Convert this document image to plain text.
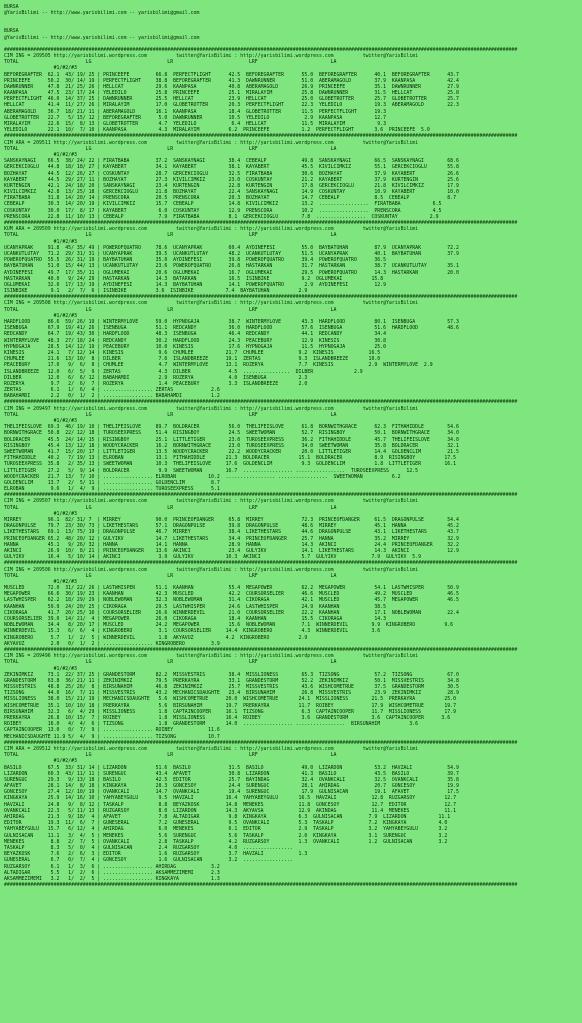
BURSA
@YarisBilimi -- http://www.yarisbilimi.com -- yarisbilimi@gmail.com
BURSA
@YarisBilimi -- http://www.yarisbilimi.com -- yarisbilimi@gmail.com
################################################################################################################################################################################
CIM ING = 209505 http://yarisbilimi.wordpress.com          twitter@YarisBilimi : http://yarisbilimi.wordpress.com          twitter@YarisBilimi
TOTAL                       LG                          LR                          LRF                         LA
#1/#2/#3
BEFOREGRAFTER  62.1  43/ 19/ 25 | PRINCEEFE         66.8  PERFECTFLIGHT      42.5  BEFOREGRAFTER      55.0  BEFOREGRAFTER      40.1  BEFOREGRAFTER      43.7
PRINCEEFE      50.2  30/ 14/ 19 | PERFECTFLIGHT     38.8  BEFOREGRAFTER      41.3  DAWNRUNNER         51.0  ABERAMAGOLD        37.9  KAANPASA           42.4
DAWNRUNNER     47.8  21/ 25/ 26 | HELLCAT           29.6  KAANPASA           40.8  ABERAMAGOLD        26.9  PRINCEEFE          35.1  DAWNRUNNER         27.9
KAANPASA       47.5  23/ 17/ 24 | YELEDILO          25.8  PRINCEEFE          25.1  MIRALAYIM          25.8  DAWNRUNNER         31.5  HELLCAT            25.8
PERFECTFLIGHT  46.0  14/ 37/ 25 | DAWNRUNNER        25.5  HELLCAT            23.9  HELLCAT            25.0  GLOBETROTTER       25.7  GLOBETROTTER       25.7
HELLCAT        41.4  11/ 27/ 26 | MIRALAYIM         17.0  GLOBETROTTER       20.3  PERFECTFLIGHT      22.3  YELEDILO           19.3  ABERAMAGOLD        22.3
ABERAMAGOLD    36.7  18/ 21/ 11 | ABERAMAGOLD       16.1  KAANPASA           18.4  GLOBETROTTER       11.5  PERFECTFLIGHT      19.3
GLOBETROTTER   22.7   5/ 15/ 12 | BEFOREGRAFTER      5.0  DAWNRUNNER         10.5  YELEDILO            2.9  KAANPASA           12.7
MIRALAYIM      22.6  15/  8/ 13 | GLOBETROTTER       4.7  YELEDILO            6.4  HELLCAT            11.5  MIRALAYIM           9.3
YELEDILO       22.1  10/  7/ 10 | KAANPASA           4.3  MIRALAYIM          6.2  PRINCEEFE           1.2  PERFECTFLIGHT       3.6  PRINCEEFE  5.0
################################################################################################################################################################################
CIM ARA = 209511 http://yarisbilimi.wordpress.com          twitter@YarisBilimi : http://yarisbilimi.wordpress.com          twitter@YarisBilimi
TOTAL                       LG                          LR                          LRF                         LA
#1/#2/#3
SANSKAYNAGI    66.5  38/ 24/ 22 | FIRATBABA         37.2  SANSKAYNAGI        38.4  CEBEALP            49.8  SANSKAYNAGI        66.5  SANSKAYNAGI        68.6
GERCEKCIOGLU   44.8  18/ 18/ 27 | KAYABERT          34.1  KAYABERT           38.1  KAYABERT           45.5  KIVILCIMKIZ        55.1  GERCEKCIOGLU       55.8
BOZHAYAT       44.5  12/ 26/ 27 | COSKUNTAY         28.7  GERCEKCIOGLU       32.5  FIRATBABA          30.6  BOZHAYAT           37.9  KAYABERT           26.6
KAYABERT       44.5  29/ 27/ 11 | BOZHAYAT          27.3  KIVILCIMKIZ        23.0  COSKUNTAY          21.2  KAYABERT           37.9  KURTENGIN          25.6
KURTENGIN      42.1  24/ 18/ 20 | SANSKAYNAGI       23.4  KURTENGIN          22.8  KURTENGIN          17.8  GERCEKCIOGLU       21.8  KIVILCIMKIZ        17.9
KIVILCIMKIZ    42.8  13/ 25/ 18 | GERCEKCIOGLU      21.8  BOZHAYAT           22.4  SANSKAYNAGI        14.9  COSKUNTAY          10.9  KAYABERT           10.0
FIRATBABA      31.8  14/ 20/ 14 | PRENSCORA         20.5  PRENSCORA          20.3  BOZHAYAT           14.7  CEBEALP            8.5  CEBEALP             8.7
CEBEALP        30.3  14/ 20/ 19 | KIVILCIMKIZ       15.7  CEBEALP            14.8  KIVILCIMKIZ        13.2  .................  FIRATBABA           6.5
COSKUNTAY      30.0  17/  8/ 17 | KAYABERT           6.0  COSKUNTAY          12.9  PRENSCORA          10.2  .................  PRENSCORA           4.5
PRENSCORA      22.8  11/ 10/ 13 | CEBEALP            7.9  FIRATBABA          8.1  GERCEKCIOGLU        7.8  .................  COSKUNTAY           2.9
################################################################################################################################################################################
KUM ARA = 209509 http://yarisbilimi.wordpress.com          twitter@YarisBilimi : http://yarisbilimi.wordpress.com          twitter@YarisBilimi
TOTAL                       LG                          LR                          LRF                         LA
#1/#2/#3
UCANYAPRAK     91.8  45/ 35/ 49 | POWEROFQUATRO     78.6  UCANYAPRAK         60.4  AYDINEFESI         55.0  BAYBATUHAN         87.9  UCANYAPRAK         72.2
UCANKUTLUTAY   71.2  29/ 31/ 31 | UCANYAPRAK        39.5  UCANKUTLUTAY       48.2  UCANKUTLUTAY       51.5  UCANYAPRAK         40.1  BAYBATUHAN         37.9
POWEROFQUATRO  55.5  26/ 31/ 19 | BAYBATUHAN        35.0  AYDINEFESI         39.8  POWEROFQUATRO      39.4  POWEROFQUATRO      36.5
BAYBATUHAN     51.0  15/ 44/ 13 | UCANKUTLUTAY      23.6  POWEROFQUATRO      26.8  HASTARKAN          31.7  HASTARKAN          38.7  UCANKUTLUTAY       35.1
AYDINEFESI     49.7  17/ 35/ 11 | OGLUMEKAI         20.6  OGLUMEKAI          16.7  OGLUMEKAI          29.5  POWEROFQUATRO      14.3  HASTARKAN          20.0
HASTARKAN      40.0   9/ 24/ 29 | HASTARKAN         14.3  BATARKAN           16.5  ISINBIKE           9.2  OGLUMEKAI          15.8
OGLUMEKAI      32.6  17/ 13/ 19 | AYDINEFESI        14.3  BAYBATUHAN         14.1  POWEROFQUATRO       2.9  AYDINEFESI         12.9
ISINBIKE        9.1   2/  7/  6 | ISINBIKE          3.6  ISINBIKE           7.4  BAYBATUHAN          2.9
################################################################################################################################################################################
CIM ING = 209508 http://yarisbilimi.wordpress.com          twitter@YarisBilimi : http://yarisbilimi.wordpress.com          twitter@YarisBilimi
TOTAL                       LG                          LR                          LRF                         LA
#1/#2/#3
HARDFLOOD      86.6  59/ 26/ 19 | WINTERMYLOVE      59.0  HYPNOGAJA          38.7  WINTERMYLOVE       43.3  HARDFLOOD          80.1  ISENBUGA           57.3
ISENBUGA       67.9  19/ 41/ 26 | ISENBUGA          51.1  REDCANDY           36.0  HARDFLOOD          57.6  ISENBUGA           51.6  HARDFLOOD          48.6
REDCANDY       64.7  19/ 43/ 30 | HARDFLOOD         48.3  ISENBUGA           46.4  REDCANDY           44.1  REDCANDY           34.4
WINTERMYLOVE   48.3  27/ 18/ 24 | REDCANDY          30.2  HARDFLOOD          24.3  PEACEBURY          12.9  KINESIS            30.8
HYPNOGAJA      28.5  14/ 12/ 19 | PEACEBURY         10.0  KINESIS            17.6  HYPNOGAJA          11.5  HYPNOGAJA          25.0
KINESIS        24.1   7/ 12/ 14 | KINESIS            9.6  CHUMLEE           21.7  CHUMLEE            9.2  KINESIS            16.5
CHUMLEE        21.6  13/ 10/  8 | DILBER             7.6  ISLANDBREEZE      19.1  ZERTAS             9.3  ISLANDBREEZE       10.0
PEACEBURY      17.0   9/  6/  8 | CHUMLEE            4.7  WINTERMYLOVE      13.1  ROZERYA            7.7  KINESIS            2.9  WINTERMYLOVE  2.9
ISLANDBREEZE   12.0   6/  5/  9 | ZERTAS             4.3  DILBER             4.5  ................  DILBER              2.9
DILBER         12.0   6/  6/ 12 | BABAHAMDI          2.9  ROZERYA            4.0  ISENBUGA           2.3
ROZERYA         9.7   2/  6/  7 | ROZERYA            1.4  PEACEBURY          3.3  ISLANDBREEZE       2.0
ZERTAS          6.1   1/  6/  4 | ................. ZERTAS             2.6
BABAHAMDI       2.2   0/  1/  2 | ................. BABAHAMDI          1.2
################################################################################################################################################################################
CIM ING = 209497 http://yarisbilimi.wordpress.com          twitter@YarisBilimi : http://yarisbilimi.wordpress.com          twitter@YarisBilimi
TOTAL                       LG                          LR                          LRF                         LA
#1/#2/#3
THELIFEISLOVE  69.3  46/ 19/ 10 | THELIFEISLOVE     89.7  BOLDRACER          56.0  THELIFEISLOVE      61.8  BORNWITHGRACE      62.3  FITHAHIDDLE        54.6
BORNWITHGRACE  50.8  22/ 12/ 18 | TUROSEEXPRESS     51.4  RISINGBOY          24.5  SWEETWOMAN         52.7  RISINGBOY          50.1  BORNWITHGRACE      34.0
BOLDRACER      45.5  24/ 14/ 15 | RISINGBOY         25.1  LITTLETIGER        23.0  TUROSEEXPRESS      36.2  FITHAHIDDLE        45.7  THELIFEISLOVE      34.0
RISINGBOY      45.4  13/ 12/ 18 | WOODYCRACKER      16.2  BORNWITHGRACE      23.0  TUROSEEXPRESS      34.0  SWEETWOMAN         35.8  BOLDRACER          32.1
SWEETWOMAN     41.7  15/ 20/ 17 | LITTLETIGER       13.5  WOODYCRACKER       22.2  WOODYCRACKER       20.0  LITTLETIGER        14.4  GOLDENCLIM         21.5
FITHAHIDDLE    40.2   7/ 19/ 13 | ELROBAN           13.1  FITHAHIDDLE       21.3  BOLDRACER          15.1  BOLDRACER           8.9  RISINGBOY          17.5
TUROSEEXPRESS  35.8   2/ 35/ 13 | SWEETWOMAN        10.3  THELIFEISLOVE     17.6  GOLDENCLIM          9.3  GOLDENCLIM          1.8  LITTLETIGER        16.1
LITTLETIGER    27.2   5/  9/ 14 | BOLDRACER          9.9  SWEETWOMAN        16.7  ................. .................  TUROSEEXPRESS      12.5
WOODYCRACKER   21.7  13/  7/ 10 | ................. ELROBAN           10.2  ................. .................  SWEETWOMAN          6.2
GOLDENCLIM     13.7   2/  5/ 11 | ................. GOLDENCLIM         8.7
ELROBAN         9.6   1/  4/  9 | ................. TUROSEEXPRESS      5.1
################################################################################################################################################################################
CIM ING = 209507 http://yarisbilimi.wordpress.com          twitter@YarisBilimi : http://yarisbilimi.wordpress.com          twitter@YarisBilimi
TOTAL                       LG                          LR                          LRF                         LA
#1/#2/#3
MIRREY         96.1  82/ 31/ 7  | MIRREY            90.0  PRINCEOFDANGER     65.8  MIRREY             72.3  PRINCEOFDANGER     61.5  DRAGONPULSE        54.4
DRAGONPULSE    79.7  23/ 30/ 73 | LIKETHESTARS      57.1  DRAGONPULSE        39.8  DRAGONPULSE        48.6  MIRREY             45.1  HANNA              45.2
LIKETHESTARS   69.1  13/ 75/ 19 | DRAGONPULSE       46.7  MIRREY             38.4  LIKETHESTARS       44.6  DRAGONPULSE        43.1  LIKETHESTARS       43.7
PRINCEOFDANGER 65.2  48/ 20/ 12 | GULYIKV           14.7  LIKETHESTARS       34.4  PRINCEOFDANGER     25.7  HANNA              35.2  MIRREY             32.9
HANNA          45.1   9/ 26/ 32 | HANNA             14.1  HANNA              28.9  HANNA              14.3  AKINCI             24.4  PRINCEOFDANGER     32.2
AKINCI         26.9  10/  8/ 21 | PRINCEOFDANGER    13.6  AKINCI             23.4  GULYIKV            14.1  LIKETHESTARS       14.3  AKINCI             12.9
GULYIKV        16.4   5/ 10/ 14 | AKINCI             3.9  GULYIKV           10.3  AKINCI              5.7  GULYIKV            7.9  GULYIKV  5.9
################################################################################################################################################################################
CIM ING = 209506 http://yarisbilimi.wordpress.com          twitter@YarisBilimi : http://yarisbilimi.wordpress.com          twitter@YarisBilimi
TOTAL                       LG                          LR                          LRF                         LA
#1/#2/#3
MUSCLED        72.0  31/ 22/ 26 | LASTWHISPER       51.1  KAANHAN            55.4  MEGAPOWER          62.2  MEGAPOWER          54.1  LASTWHISPER        50.9
MEGAPOWER      66.6  30/ 19/ 23 | KAANHAN           42.3  MUSCLED            42.2  COURSORSELIER      46.6  MUSCLED            49.2  MUSCLED            46.5
LASTWHISPER    62.2  18/ 29/ 29 | NOBLEWOMAN        32.3  NOBLEWOMAN         31.4  CIKORAGA           42.1  MUSCLED            45.7  MEGAPOWER          46.5
KAANHAN        59.9  24/ 20/ 25 | CIKORAGA          29.5  LASTWHISPER        24.6  LASTWHISPER        24.9  KAANHAN            38.5
CIKORAGA       41.7  20/ 25/ 16 | COURSORSELIER     26.6  WINNERDEVIL        21.0  COURSORSELIER      22.2  KAANHAN            17.1  NOBLEWOMAN         22.4
COURSORSELIER  39.0  14/ 21/  4 | MEGAPOWER         26.0  CIKORAGA           18.4  KAANHAN            15.5  CIKORAGA           14.3
NOBLEWOMAN     34.4   8/ 20/ 17 | MUSCLED           24.2  MEGAPOWER          15.6  NOBLEWOMAN         7.1  WINNERDEVIL        9.9  KINGROBERO          9.6
WINNERDEVIL    15.3   6/  6/  4 | KINGROBERO         3.1  COURSORSELIER     14.4  KINGROBERO          4.3  WINNERDEVIL        3.6
KINGROBERO      5.7   1/  2/  5 | WINNERDEVIL        1.8  AKYAVUZ           4.2  KINGROBERO          2.9
AKYAVUZ         2.0   0/  1/  2 | ................. KINGROBERO         3.9
################################################################################################################################################################################
CIM ING = 209496 http://yarisbilimi.wordpress.com          twitter@YarisBilimi : http://yarisbilimi.wordpress.com          twitter@YarisBilimi
TOTAL                       LG                          LR                          LRF                         LA
#1/#2/#3
ZEKINIMKIZ     73.1  22/ 37/ 25 | GRANDESTORM       82.2  MISSVESTRIS        38.4  MISSLIONESS        65.3  TIZSONG            57.2  TIZSONG            67.0
GRANDESTORM    63.8  36/ 21/ 11 | ZEKINIMKIZ        79.5  PRERKAYRA          33.1  GRANDESTORM        52.2  ZEKINIMKIZ         50.1  MISSVESTRIS        34.8
MISSVESTRIS    48.8  25/ 26/  8 | BIRSUNAHIM        46.8  ZEKINIMKIZ         25.7  MISSVESTRIS        43.6  WISHCOMETRUE       37.5  GRANDESTORM        30.5
TIZSONG        44.0  16/  7/ 11 | MISSVESTRIS       43.2  MECHANICSDAUGHTE   23.4  BIRSUNAHIM         26.8  MISSVESTRIS        23.9  ZEKINIMKIZ         28.9
MISSLIONESS    38.0  15/ 21/ 19 | MECHANICSDAUGHTE   5.6  WISHCOMETRUE      20.0  WISHCOMETRUE       24.1  MISSLIONESS        21.5  PRERKAYRA          25.0
WISHCOMETRUE   35.1  10/ 10/ 18 | PRERKAYRA          5.6  BIRSUNAHIM        19.7  PRERKAYRA          11.7  ROIBEY             17.9  WISHCOMETRUE       19.7
BIRSUNAHIM     32.3   6/  4/ 29 | MISSLIONESS        1.8  CAPTAINCOOPER     16.1  TIZSONG             6.3  CAPTAINCOOPER      11.7  MISSLIONESS        17.9
PRERKAYRA      26.8  10/ 15/  7 | ROIBEY             1.8  MISSLIONESS       16.4  ROIBEY              3.6  GRANDESTORM        3.6  CAPTAINCOOPER      3.6
ROIBEY         16.0   4/  4/  6 | TIZSONG            1.8  GRANDESTORM       14.0  ................. .................  BIRSUNAHIM          3.6
CAPTAINCOOPER  13.0   0/  7/  9 | ................. ROIBEY            11.6
MECHANICSDAUGHTE 11.9 5/  4/  9 | ................. TIZSONG           10.7
################################################################################################################################################################################
CIM ARA = 209512 http://yarisbilimi.wordpress.com          twitter@YarisBilimi : http://yarisbilimi.wordpress.com          twitter@YarisBilimi
TOTAL                       LG                          LR                          LRF                         LA
#1/#2/#3
BASILO         67.5  33/ 31/ 14 | LIZARDON          51.6  BASILO             31.5  BASILO             49.0  LIZARDON           53.2  HAVZALI            54.9
LIZARDON       60.3  43/ 11/ 11 | SURENGUC          43.4  AFAVET             30.8  LIZARDON           41.3  BASILO             43.5  BASILO             39.7
SURENGUC       29.3   9/ 13/ 18 | BASILO            42.5  EDITOR             25.7  BAYINDAG           32.4  OVANKCALI          32.5  OVANKCALI          35.8
AFAVET         28.1  14/  8/ 18 | KINGKAYA          28.3  GONCESOY           24.4  SURENGUC           28.1  AHIRDAG            20.7  GONCESOY           19.9
GONCESOY       27.4  12/ 10/ 19 | OVANKCALI         14.7  OVANKCALI          19.4  SURENGUC           17.9  GULNISACAN         19.1  AFAVET             17.5
KINGKAYA       25.9  14/ 16/ 10 | YAHYABEYGULU       9.5  HAVZALI           16.4  YAHYABEYGULU       16.5  HAVZALI            12.8  RUZGARSOY          12.7
HAVZALI        24.8   9/  8/ 12 | TASKALP            8.8  BEYAZKOSK         14.8  MENEKES            11.8  GONCESOY           12.7  EDITOR             12.7
OVANKCALI      22.3   5/ 11/ 13 | RUZGARSOY          8.0  LIZARDON          14.3  AKYAVSA            12.9  AKINDAG            11.4  MENEKES            11.1
AHIRDAG        21.3   9/ 18/  4 | AFAVET             7.8  ALTADIGAR          9.8  KINGKAYA           6.3  GULNISACAN         7.9  LIZARDON           11.1
EDITOR         19.3  11/  6/  7 | GUNESERAL          7.2  GUNESERAL          9.5  OVANKCALI          5.3  TASKALP            7.2  KINGKAYA           4.0
YAHYABEYGULU   15.7   6/ 12/  4 | AHIRDAG            6.0  MENEKES            6.1  EDITOR             2.9  TASKALP            3.2  YAHYABEYGULU       3.2
GULNISACAN     11.1   3/  4/  5 | MENEKES            5.6  SURENGUC           5.6  TASKALP            2.0  KINGKAYA           3.1  SURENGUC           3.2
MENEKES         8.8   2/  7/  5 | OVANKCALI          2.8  TASKALP            4.2  RUZGARSOY          1.3  OVANKCALI          1.2  GULNISACAN         3.2
TASKALP         8.3   5/  0/  4 | GULNISACAN         2.4  RUZGARSOY          4.0  .................
BEYAZKOSK       7.6   2/  6/  3 | EDITOR             1.6  RUZGARSOY          3.7  HAVZALI            1.3
GUNESERAL       6.7   0/  7/  4 | GONCESOY           1.6  GULNISACAN         3.2  .................
RUZGARSOY       6.1   1/  3/  6 | ................. AHIRDAG            3.2
ALTADIGAR       5.5   1/  2/  6 | ................. AKSAMMEZIMEMI      2.3
AKSAMMEZIMEMI   3.2   1/  2/  5 | ................. KINGKAYA           1.3
################################################################################################################################################################################
